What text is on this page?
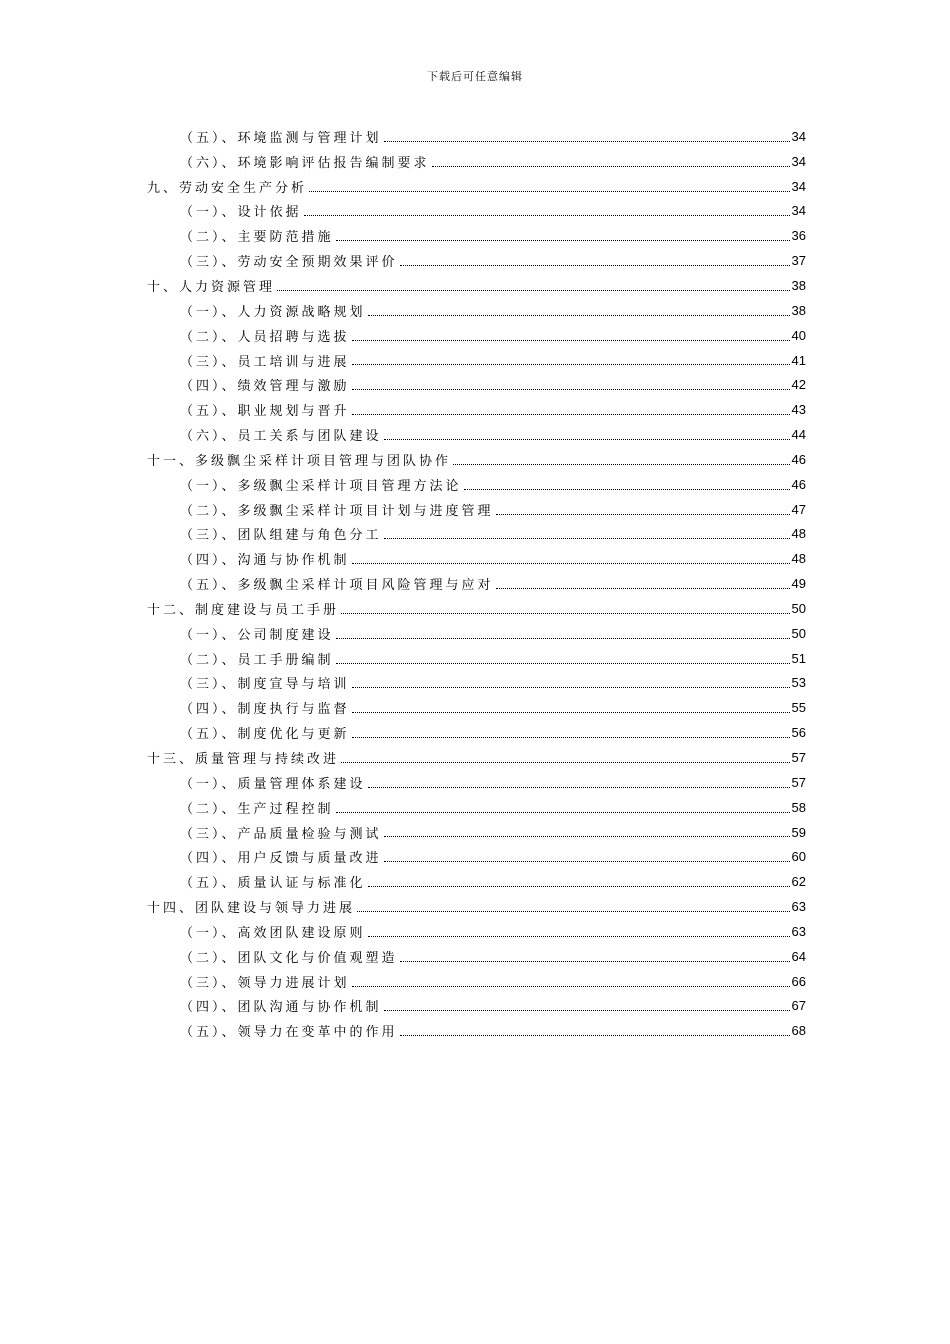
下载后可任意编辑
（五）、环境监测与管理计划	34
（六）、环境影响评估报告编制要求	34
九、劳动安全生产分析	34
（一）、设计依据	34
（二）、主要防范措施	36
（三）、劳动安全预期效果评价	37
十、人力资源管理	38
（一）、人力资源战略规划	38
（二）、人员招聘与选拔	40
（三）、员工培训与进展	41
（四）、绩效管理与激励	42
（五）、职业规划与晋升	43
（六）、员工关系与团队建设	44
十一、多级飘尘采样计项目管理与团队协作	46
（一）、多级飘尘采样计项目管理方法论	46
（二）、多级飘尘采样计项目计划与进度管理	47
（三）、团队组建与角色分工	48
（四）、沟通与协作机制	48
（五）、多级飘尘采样计项目风险管理与应对	49
十二、制度建设与员工手册	50
（一）、公司制度建设	50
（二）、员工手册编制	51
（三）、制度宣导与培训	53
（四）、制度执行与监督	55
（五）、制度优化与更新	56
十三、质量管理与持续改进	57
（一）、质量管理体系建设	57
（二）、生产过程控制	58
（三）、产品质量检验与测试	59
（四）、用户反馈与质量改进	60
（五）、质量认证与标准化	62
十四、团队建设与领导力进展	63
（一）、高效团队建设原则	63
（二）、团队文化与价值观塑造	64
（三）、领导力进展计划	66
（四）、团队沟通与协作机制	67
（五）、领导力在变革中的作用	68
